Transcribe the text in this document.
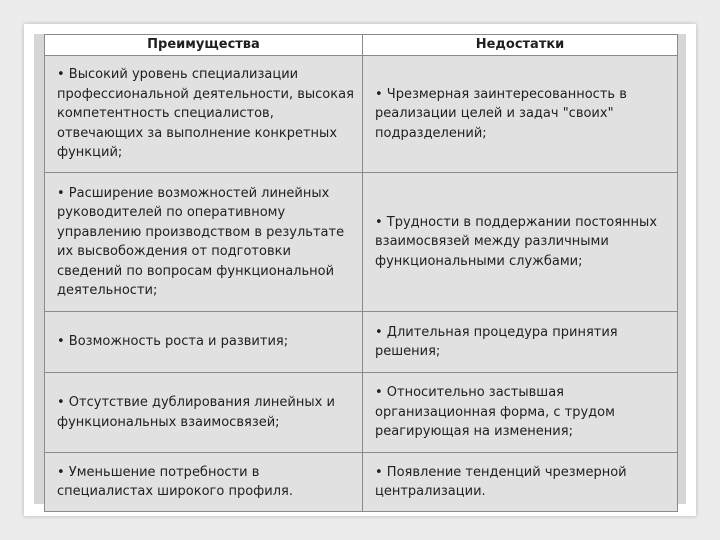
Преимущества	Недостатки
• Высокий уровень специализации профессиональной деятельности, высокая компетентность специалистов, отвечающих за выполнение конкретных функций;	• Чрезмерная заинтересованность в реализации целей и задач "своих" подразделений;
• Расширение возможностей линейных руководителей по оперативному управлению производством в результате их высвобождения от подготовки сведений по вопросам функциональной деятельности;	• Трудности в поддержании постоянных взаимосвязей между различными функциональными службами;
• Возможность роста и развития;	• Длительная процедура принятия решения;
• Отсутствие дублирования линейных и функциональных взаимосвязей;	• Относительно застывшая организационная форма, с трудом реагирующая на изменения;
• Уменьшение потребности в специалистах широкого профиля.	• Появление тенденций чрезмерной централизации.
